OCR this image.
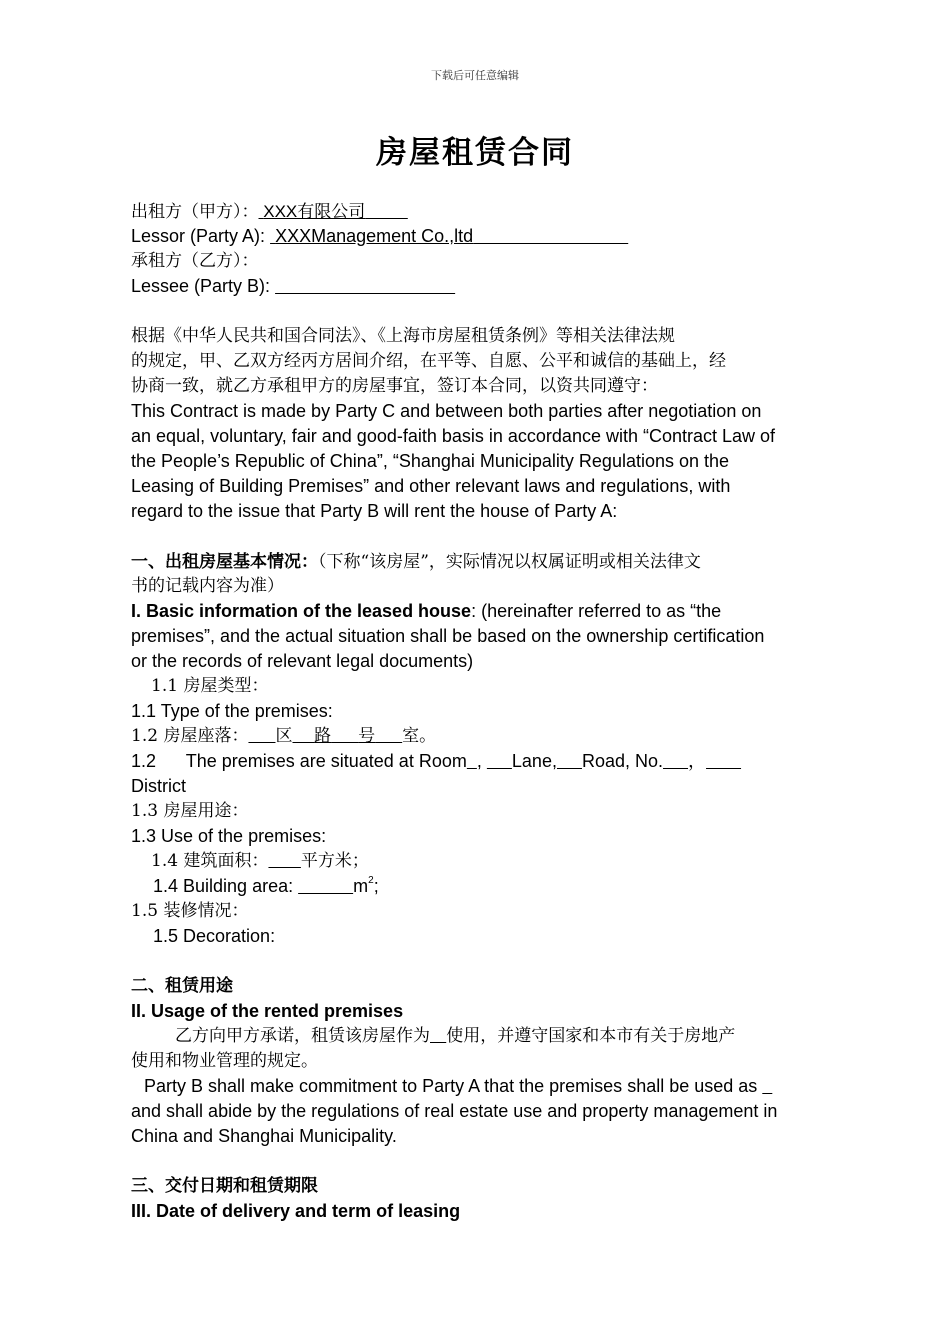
下载后可任意编辑
房屋租赁合同
出租方（甲方）： XXX有限公司
Lessor (Party A): XXXManagement Co.,ltd
承租方（乙方）：
Lessee (Party B):
根据《中华人民共和国合同法》、《上海市房屋租赁条例》等相关法律法规
的规定，甲、乙双方经丙方居间介绍，在平等、自愿、公平和诚信的基础上，经
协商一致，就乙方承租甲方的房屋事宜，签订本合同，以资共同遵守：
This Contract is made by Party C and between both parties after negotiation on
an equal, voluntary, fair and good-faith basis in accordance with “Contract Law of
the People’s Republic of China”, “Shanghai Municipality Regulations on the
Leasing of Building Premises” and other relevant laws and regulations, with
regard to the issue that Party B will rent the house of Party A:
一、出租房屋基本情况：（下称“该房屋”，实际情况以权属证明或相关法律文
书的记载内容为准）
I. Basic information of the leased house: (hereinafter referred to as “the
premises”, and the actual situation shall be based on the ownership certification
or the records of relevant legal documents)
1.1 房屋类型：
1.1 Type of the premises:
1.2 房屋座落： 区 路 号 室。
1.2      The premises are situated at Room , Lane, Road, No. ，
District
1.3 房屋用途：
1.3 Use of the premises:
1.4 建筑面积： 平方米；
1.4 Building area:	$m^2$;
1.5 装修情况：
1.5 Decoration:
二、租赁用途
II. Usage of the rented premises
乙方向甲方承诺，租赁该房屋作为 使用，并遵守国家和本市有关于房地产
使用和物业管理的规定。
Party B shall make commitment to Party A that the premises shall be used as
and shall abide by the regulations of real estate use and property management in
China and Shanghai Municipality.
三、交付日期和租赁期限
III. Date of delivery and term of leasing
